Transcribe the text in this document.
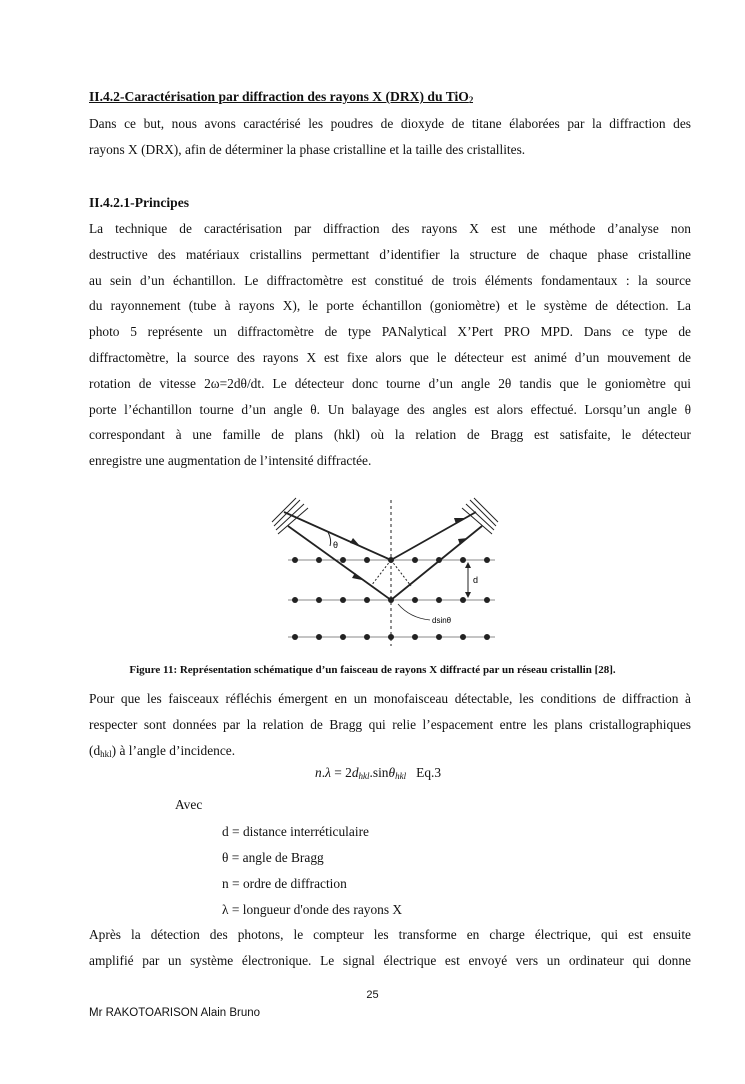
II.4.2-Caractérisation par diffraction des rayons X (DRX) du TiO$_2$
Dans ce but, nous avons caractérisé les poudres de dioxyde de titane élaborées par la diffraction des
rayons X (DRX), afin de déterminer la phase cristalline et la taille des cristallites.
II.4.2.1-Principes
La technique de caractérisation par diffraction des rayons X est une méthode d’analyse non
destructive des matériaux cristallins permettant d’identifier la structure de chaque phase cristalline
au sein d’un échantillon. Le diffractomètre est constitué de trois éléments fondamentaux : la source
du rayonnement (tube à rayons X), le porte échantillon (goniomètre) et le système de détection. La
photo 5 représente un diffractomètre de type PANalytical X’Pert PRO MPD. Dans ce type de
diffractomètre, la source des rayons X est fixe alors que le détecteur est animé d’un mouvement de
rotation de vitesse 2ω=2dθ/dt. Le détecteur donc tourne d’un angle 2θ tandis que le goniomètre qui
porte l’échantillon tourne d’un angle θ. Un balayage des angles est alors effectué. Lorsqu’un angle θ
correspondant à une famille de plans (hkl) où la relation de Bragg est satisfaite, le détecteur
enregistre une augmentation de l’intensité diffractée.
θ
d
dsinθ
Figure 11: Représentation schématique d’un faisceau de rayons X diffracté par un réseau cristallin [28].
Pour que les faisceaux réfléchis émergent en un monofaisceau détectable, les conditions de diffraction à
respecter sont données par la relation de Bragg qui relie l’espacement entre les plans cristallographiques
$(d_{hkl})$ à l’angle d’incidence.
n.λ = 2dhkl.sinθhkl Eq.3
Avec
d = distance interréticulaire
θ = angle de Bragg
n = ordre de diffraction
λ = longueur d'onde des rayons X
Après la détection des photons, le compteur les transforme en charge électrique, qui est ensuite
amplifié par un système électronique. Le signal électrique est envoyé vers un ordinateur qui donne
25
Mr RAKOTOARISON Alain Bruno
